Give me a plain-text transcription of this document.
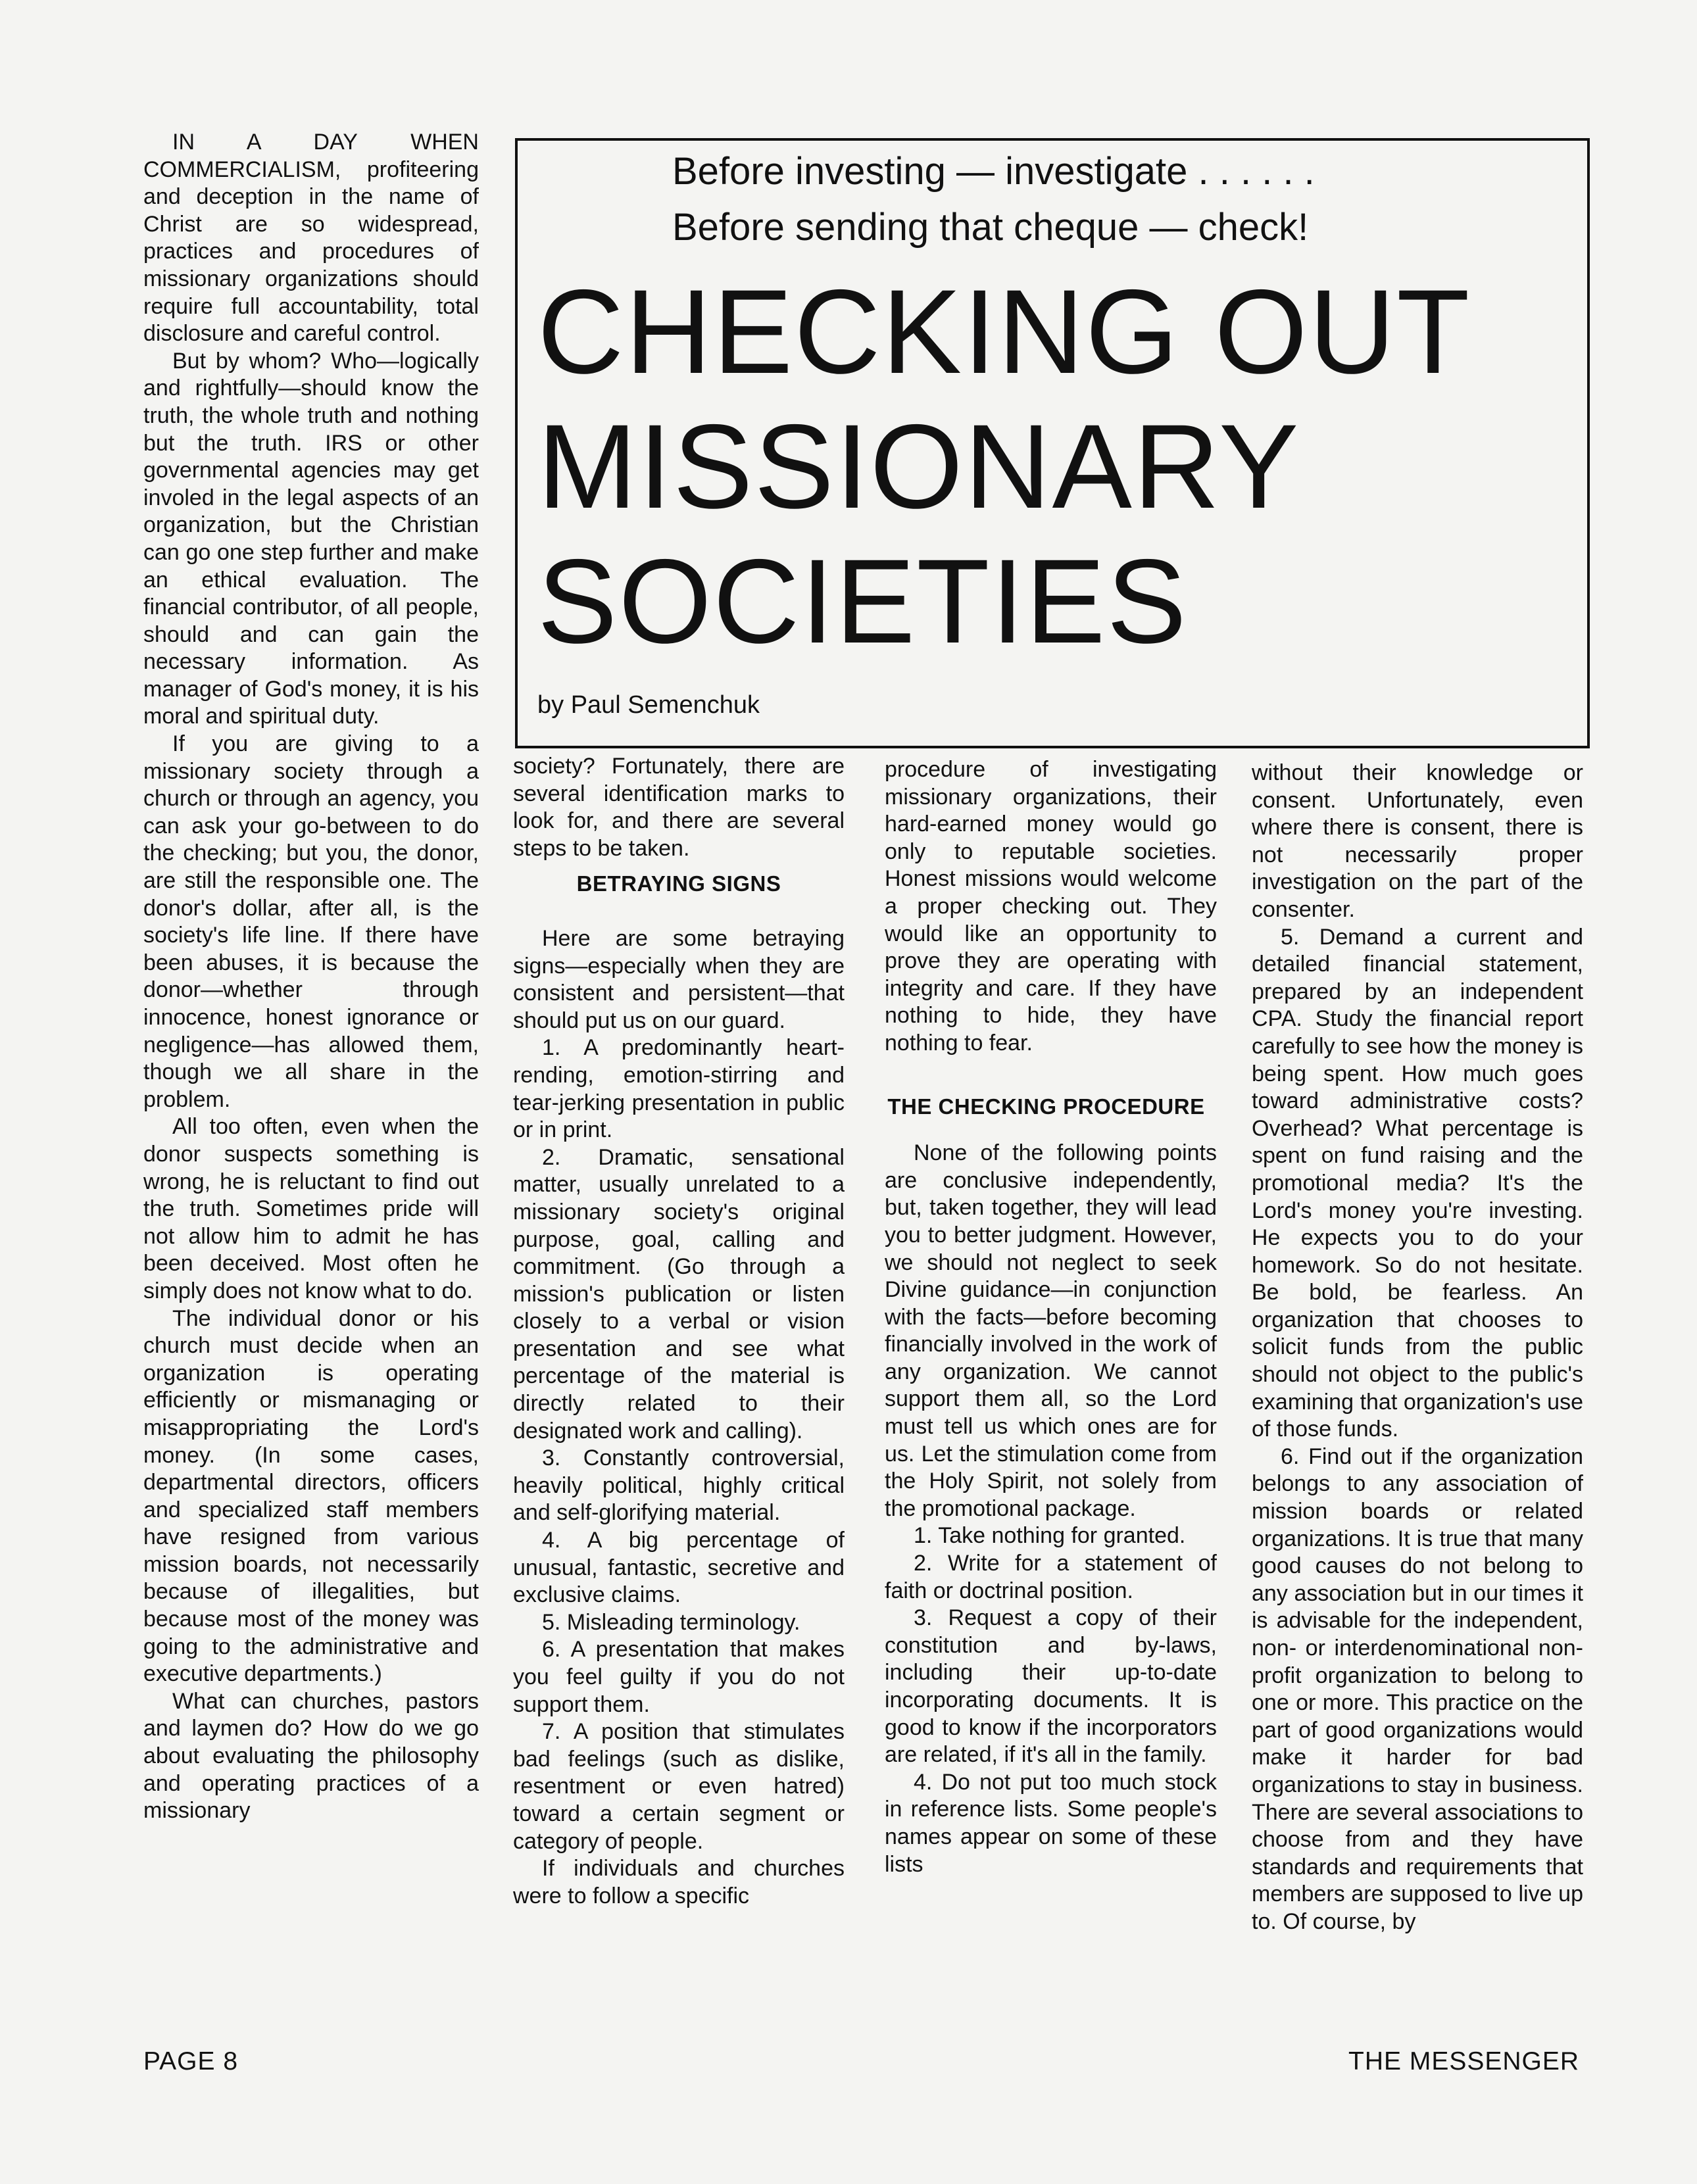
Before investing — investigate . . . . . .
Before sending that cheque — check!
CHECKING OUT
MISSIONARY
SOCIETIES
by Paul Semenchuk

IN A DAY WHEN COMMERCIALISM, profiteering and deception in the name of Christ are so widespread, practices and procedures of missionary organizations should require full accountability, total disclosure and careful control.

But by whom? Who—logically and rightfully—should know the truth, the whole truth and nothing but the truth. IRS or other governmental agencies may get involed in the legal aspects of an organization, but the Christian can go one step further and make an ethical evaluation. The financial contributor, of all people, should and can gain the necessary information. As manager of God's money, it is his moral and spiritual duty.

If you are giving to a missionary society through a church or through an agency, you can ask your go-between to do the checking; but you, the donor, are still the responsible one. The donor's dollar, after all, is the society's life line. If there have been abuses, it is because the donor—whether through innocence, honest ignorance or negligence—has allowed them, though we all share in the problem.

All too often, even when the donor suspects something is wrong, he is reluctant to find out the truth. Sometimes pride will not allow him to admit he has been deceived. Most often he simply does not know what to do.

The individual donor or his church must decide when an organization is operating efficiently or mismanaging or misappropriating the Lord's money. (In some cases, departmental directors, officers and specialized staff members have resigned from various mission boards, not necessarily because of illegalities, but because most of the money was going to the administrative and executive departments.)

What can churches, pastors and laymen do? How do we go about evaluating the philosophy and operating practices of a missionary

society? Fortunately, there are several identification marks to look for, and there are several steps to be taken.

BETRAYING SIGNS

Here are some betraying signs—especially when they are consistent and persistent—that should put us on our guard.

1. A predominantly heart-rending, emotion-stirring and tear-jerking presentation in public or in print.

2. Dramatic, sensational matter, usually unrelated to a missionary society's original purpose, goal, calling and commitment. (Go through a mission's publication or listen closely to a verbal or vision presentation and see what percentage of the material is directly related to their designated work and calling).

3. Constantly controversial, heavily political, highly critical and self-glorifying material.

4. A big percentage of unusual, fantastic, secretive and exclusive claims.

5. Misleading terminology.

6. A presentation that makes you feel guilty if you do not support them.

7. A position that stimulates bad feelings (such as dislike, resentment or even hatred) toward a certain segment or category of people.

If individuals and churches were to follow a specific

procedure of investigating missionary organizations, their hard-earned money would go only to reputable societies. Honest missions would welcome a proper checking out. They would like an opportunity to prove they are operating with integrity and care. If they have nothing to hide, they have nothing to fear.

THE CHECKING PROCEDURE

None of the following points are conclusive independently, but, taken together, they will lead you to better judgment. However, we should not neglect to seek Divine guidance—in conjunction with the facts—before becoming financially involved in the work of any organization. We cannot support them all, so the Lord must tell us which ones are for us. Let the stimulation come from the Holy Spirit, not solely from the promotional package.

1. Take nothing for granted.

2. Write for a statement of faith or doctrinal position.

3. Request a copy of their constitution and by-laws, including their up-to-date incorporating documents. It is good to know if the incorporators are related, if it's all in the family.

4. Do not put too much stock in reference lists. Some people's names appear on some of these lists

without their knowledge or consent. Unfortunately, even where there is consent, there is not necessarily proper investigation on the part of the consenter.

5. Demand a current and detailed financial statement, prepared by an independent CPA. Study the financial report carefully to see how the money is being spent. How much goes toward administrative costs? Overhead? What percentage is spent on fund raising and the promotional media? It's the Lord's money you're investing. He expects you to do your homework. So do not hesitate. Be bold, be fearless. An organization that chooses to solicit funds from the public should not object to the public's examining that organization's use of those funds.

6. Find out if the organization belongs to any association of mission boards or related organizations. It is true that many good causes do not belong to any association but in our times it is advisable for the independent, non- or interdenominational non-profit organization to belong to one or more. This practice on the part of good organizations would make it harder for bad organizations to stay in business. There are several associations to choose from and they have standards and requirements that members are supposed to live up to. Of course, by

PAGE 8	THE MESSENGER
